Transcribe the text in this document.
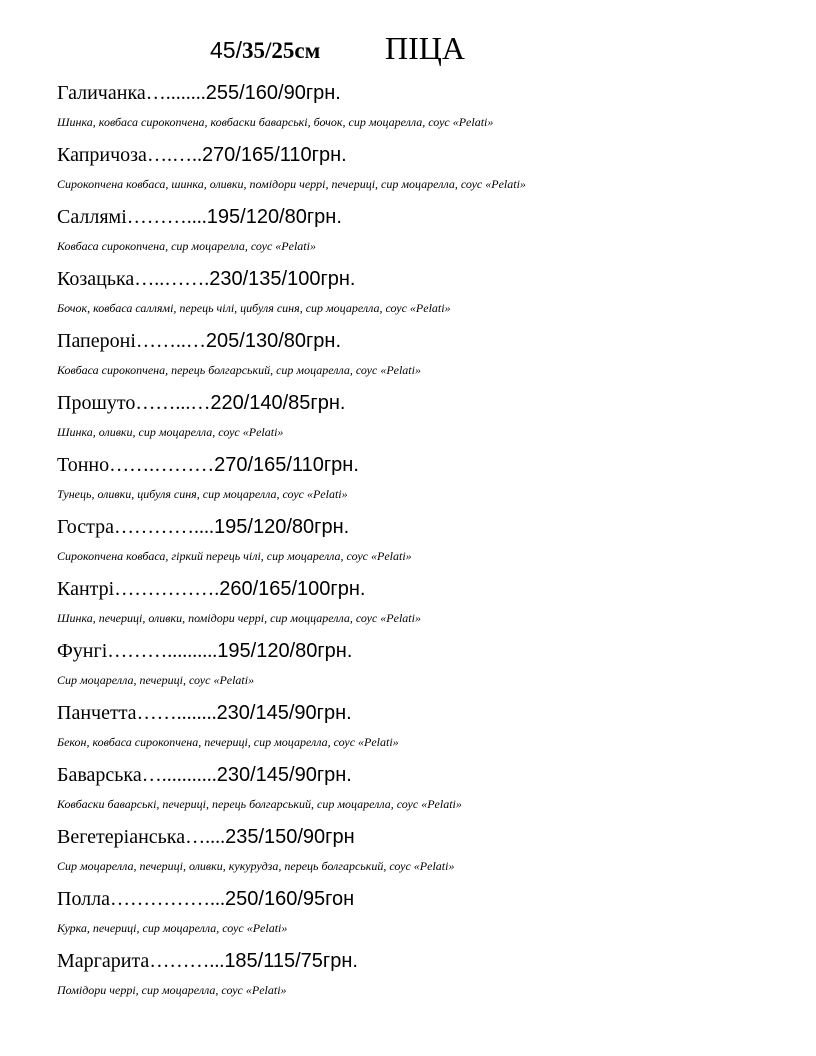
45/35/25см ПІЦА
Галичанка…........255/160/90грн.
Шинка, ковбаса сирокопчена, ковбаски баварські, бочок, сир моцарелла, соус «Pelati»
Капричоза….…..270/165/110грн.
Сирокопчена ковбаса, шинка, оливки, помідори черрі, печериці, сир моцарелла, соус «Pelati»
Саллямі………....195/120/80грн.
Ковбаса сирокопчена, сир моцарелла, соус «Pelati»
Козацька…..…….230/135/100грн.
Бочок, ковбаса саллямі, перець чілі, цибуля синя, сир моцарелла, соус «Pelati»
Папероні……..…205/130/80грн.
Ковбаса сирокопчена, перець болгарський, сир моцарелла, соус «Pelati»
Прошуто……...…220/140/85грн.
Шинка, оливки, сир моцарелла, соус «Pelati»
Тонно…….………270/165/110грн.
Тунець, оливки, цибуля синя, сир моцарелла, соус «Pelati»
Гостра…………....195/120/80грн.
Сирокопчена ковбаса, гіркий перець чілі, сир моцарелла, соус «Pelati»
Кантрі…………….260/165/100грн.
Шинка, печериці, оливки, помідори черрі, сир моццарелла, соус «Pelati»
Фунгі………..........195/120/80грн.
Сир моцарелла, печериці, соус «Pelati»
Панчетта……........230/145/90грн.
Бекон, ковбаса сирокопчена, печериці, сир моцарелла, соус «Pelati»
Баварська…...........230/145/90грн.
Ковбаски баварські, печериці, перець болгарський, сир моцарелла, соус «Pelati»
Вегетеріанська…....235/150/90грн
Сир моцарелла, печериці, оливки, кукурудза, перець болгарський, соус «Pelati»
Полла……………...250/160/95гон
Курка, печериці, сир моцарелла, соус «Pelati»
Маргарита………...185/115/75грн.
Помідори черрі, сир моцарелла, соус «Pelati»
